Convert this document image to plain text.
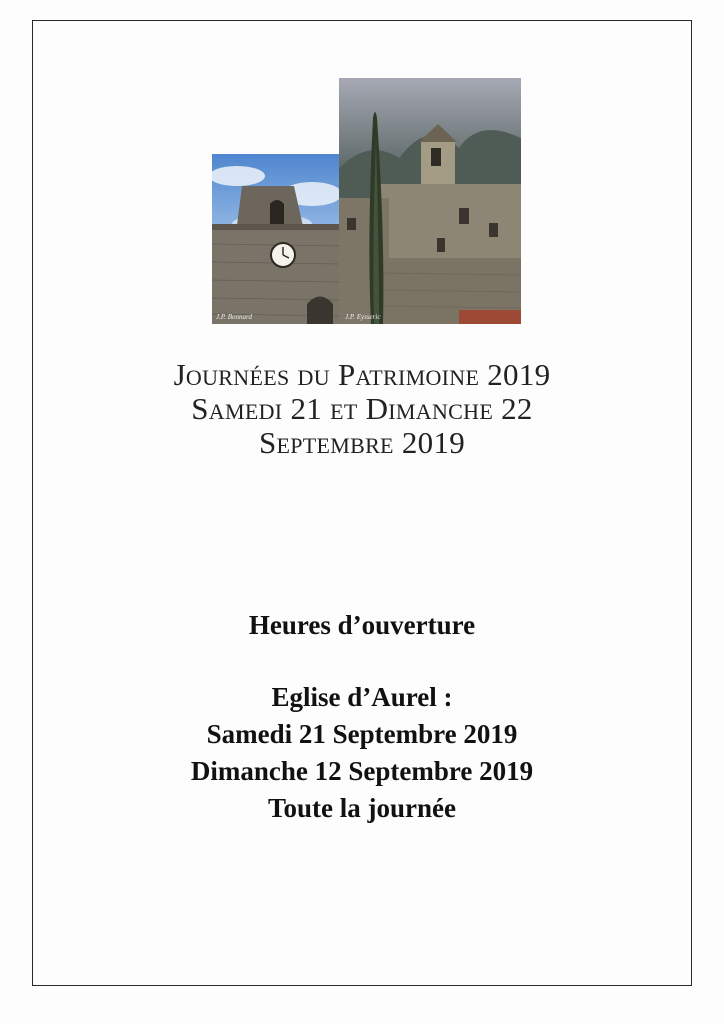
J.P. Bonnard	J.P. Eysseric
Journées du Patrimoine 2019
Samedi 21 et Dimanche 22
Septembre 2019
Heures d’ouverture
Eglise d’Aurel :
Samedi 21 Septembre 2019
Dimanche 12 Septembre 2019
Toute la journée
